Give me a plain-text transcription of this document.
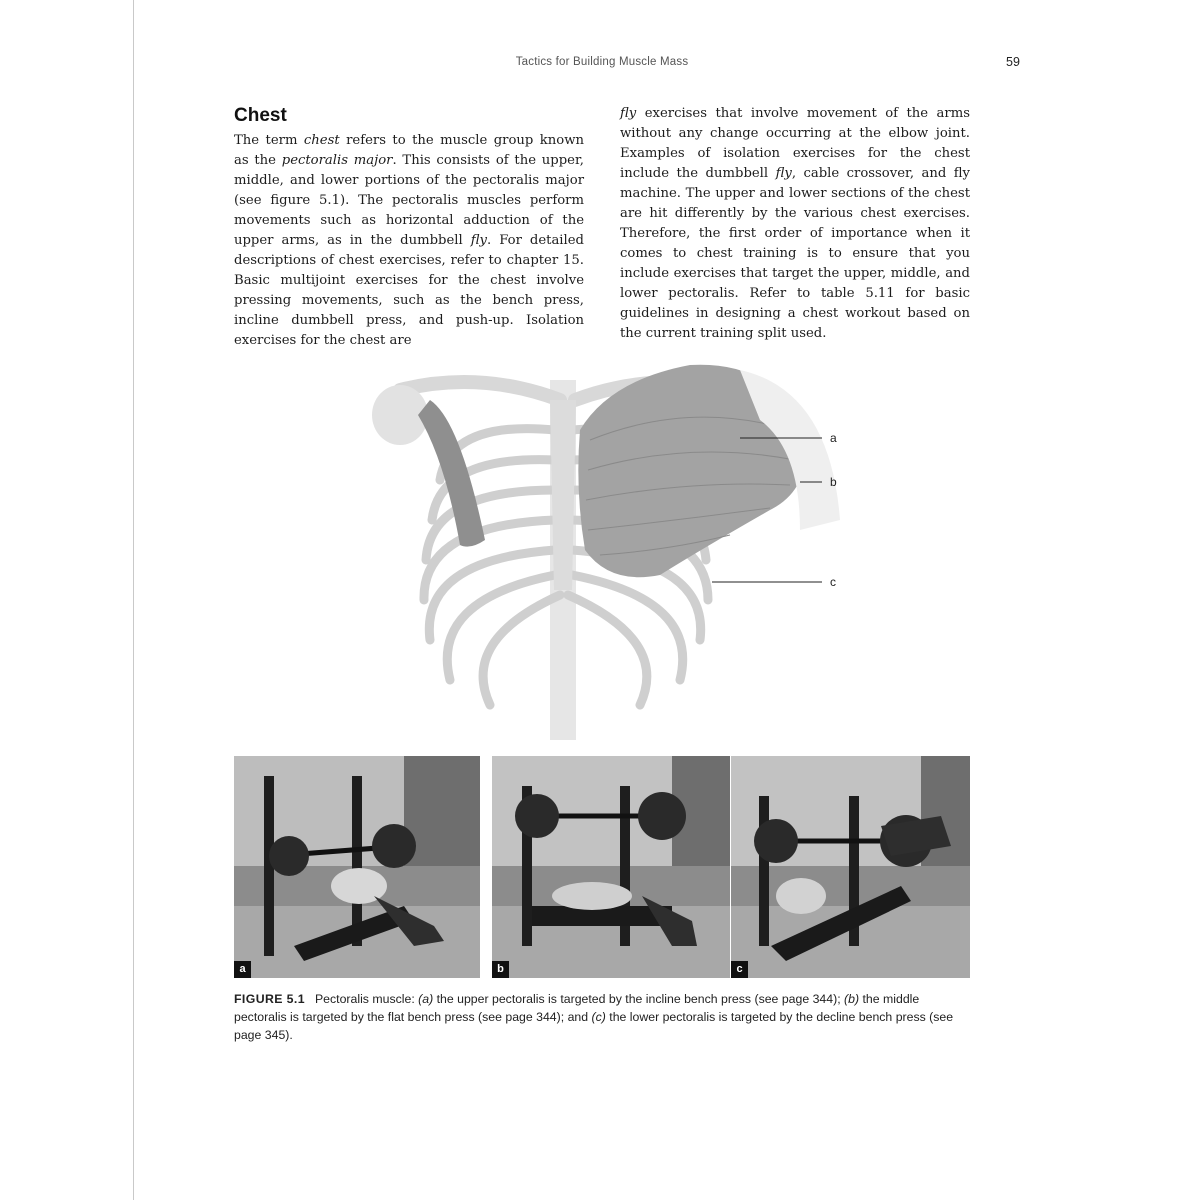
Tactics for Building Muscle Mass	59
Chest

The term chest refers to the muscle group known as the pectoralis major. This consists of the upper, middle, and lower portions of the pectoralis major (see figure 5.1). The pectoralis muscles perform movements such as horizontal adduction of the upper arms, as in the dumbbell fly. For detailed descriptions of chest exercises, refer to chapter 15. Basic multijoint exercises for the chest involve pressing movements, such as the bench press, incline dumbbell press, and push-up. Isolation exercises for the chest are

fly exercises that involve movement of the arms without any change occurring at the elbow joint. Examples of isolation exercises for the chest include the dumbbell fly, cable crossover, and fly machine. The upper and lower sections of the chest are hit differently by the various chest exercises. Therefore, the first order of importance when it comes to chest training is to ensure that you include exercises that target the upper, middle, and lower pectoralis. Refer to table 5.11 for basic guidelines in designing a chest workout based on the current training split used.

a
b
c
a	b	c
FIGURE 5.1 Pectoralis muscle: (a) the upper pectoralis is targeted by the incline bench press (see page 344); (b) the middle pectoralis is targeted by the flat bench press (see page 344); and (c) the lower pectoralis is targeted by the decline bench press (see page 345).
